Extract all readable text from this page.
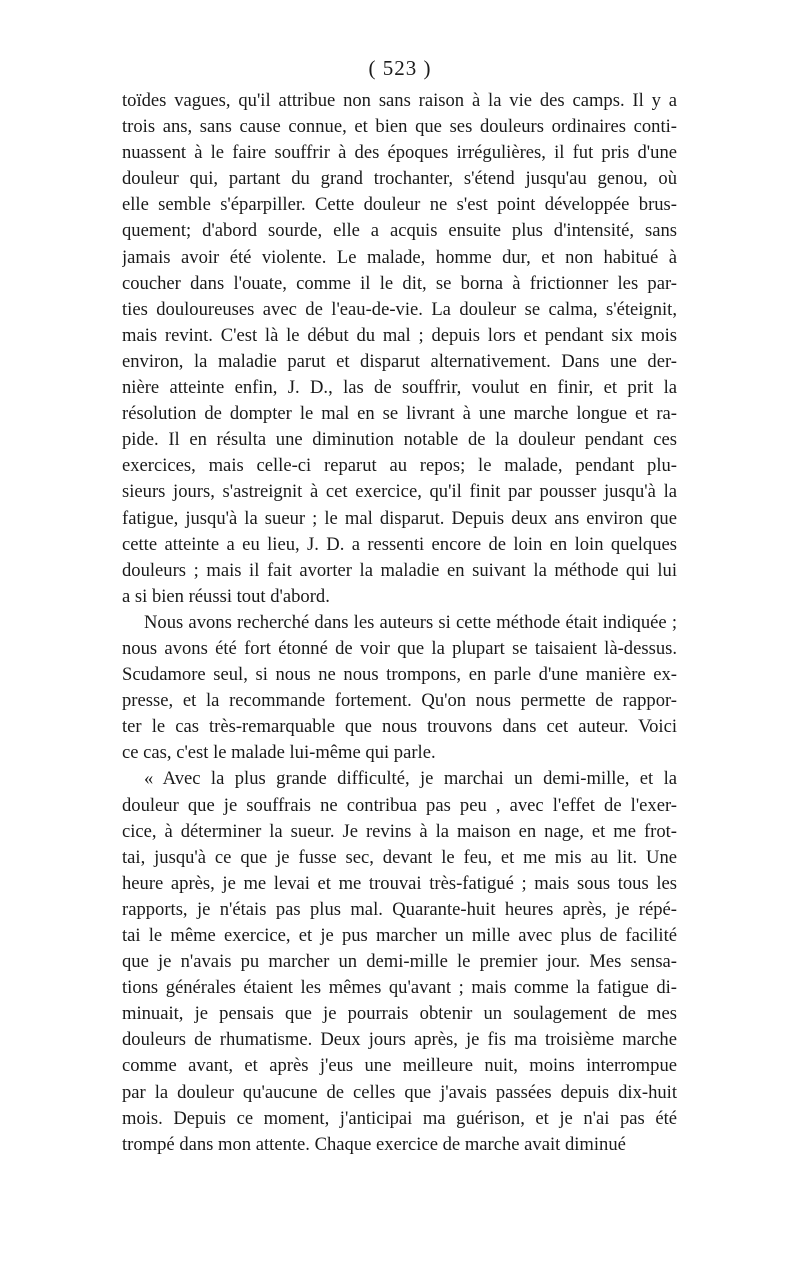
( 523 )
toïdes vagues, qu'il attribue non sans raison à la vie des camps. Il y a
trois ans, sans cause connue, et bien que ses douleurs ordinaires conti-
nuassent à le faire souffrir à des époques irrégulières, il fut pris d'une
douleur qui, partant du grand trochanter, s'étend jusqu'au genou, où
elle semble s'éparpiller. Cette douleur ne s'est point développée brus-
quement; d'abord sourde, elle a acquis ensuite plus d'intensité, sans
jamais avoir été violente. Le malade, homme dur, et non habitué à
coucher dans l'ouate, comme il le dit, se borna à frictionner les par-
ties douloureuses avec de l'eau-de-vie. La douleur se calma, s'éteignit,
mais revint. C'est là le début du mal ; depuis lors et pendant six mois
environ, la maladie parut et disparut alternativement. Dans une der-
nière atteinte enfin, J. D., las de souffrir, voulut en finir, et prit la
résolution de dompter le mal en se livrant à une marche longue et ra-
pide. Il en résulta une diminution notable de la douleur pendant ces
exercices, mais celle-ci reparut au repos; le malade, pendant plu-
sieurs jours, s'astreignit à cet exercice, qu'il finit par pousser jusqu'à la
fatigue, jusqu'à la sueur ; le mal disparut. Depuis deux ans environ que
cette atteinte a eu lieu, J. D. a ressenti encore de loin en loin quelques
douleurs ; mais il fait avorter la maladie en suivant la méthode qui lui
a si bien réussi tout d'abord.
Nous avons recherché dans les auteurs si cette méthode était indiquée ;
nous avons été fort étonné de voir que la plupart se taisaient là-dessus.
Scudamore seul, si nous ne nous trompons, en parle d'une manière ex-
presse, et la recommande fortement. Qu'on nous permette de rappor-
ter le cas très-remarquable que nous trouvons dans cet auteur. Voici
ce cas, c'est le malade lui-même qui parle.
« Avec la plus grande difficulté, je marchai un demi-mille, et la
douleur que je souffrais ne contribua pas peu , avec l'effet de l'exer-
cice, à déterminer la sueur. Je revins à la maison en nage, et me frot-
tai, jusqu'à ce que je fusse sec, devant le feu, et me mis au lit. Une
heure après, je me levai et me trouvai très-fatigué ; mais sous tous les
rapports, je n'étais pas plus mal. Quarante-huit heures après, je répé-
tai le même exercice, et je pus marcher un mille avec plus de facilité
que je n'avais pu marcher un demi-mille le premier jour. Mes sensa-
tions générales étaient les mêmes qu'avant ; mais comme la fatigue di-
minuait, je pensais que je pourrais obtenir un soulagement de mes
douleurs de rhumatisme. Deux jours après, je fis ma troisième marche
comme avant, et après j'eus une meilleure nuit, moins interrompue
par la douleur qu'aucune de celles que j'avais passées depuis dix-huit
mois. Depuis ce moment, j'anticipai ma guérison, et je n'ai pas été
trompé dans mon attente. Chaque exercice de marche avait diminué
